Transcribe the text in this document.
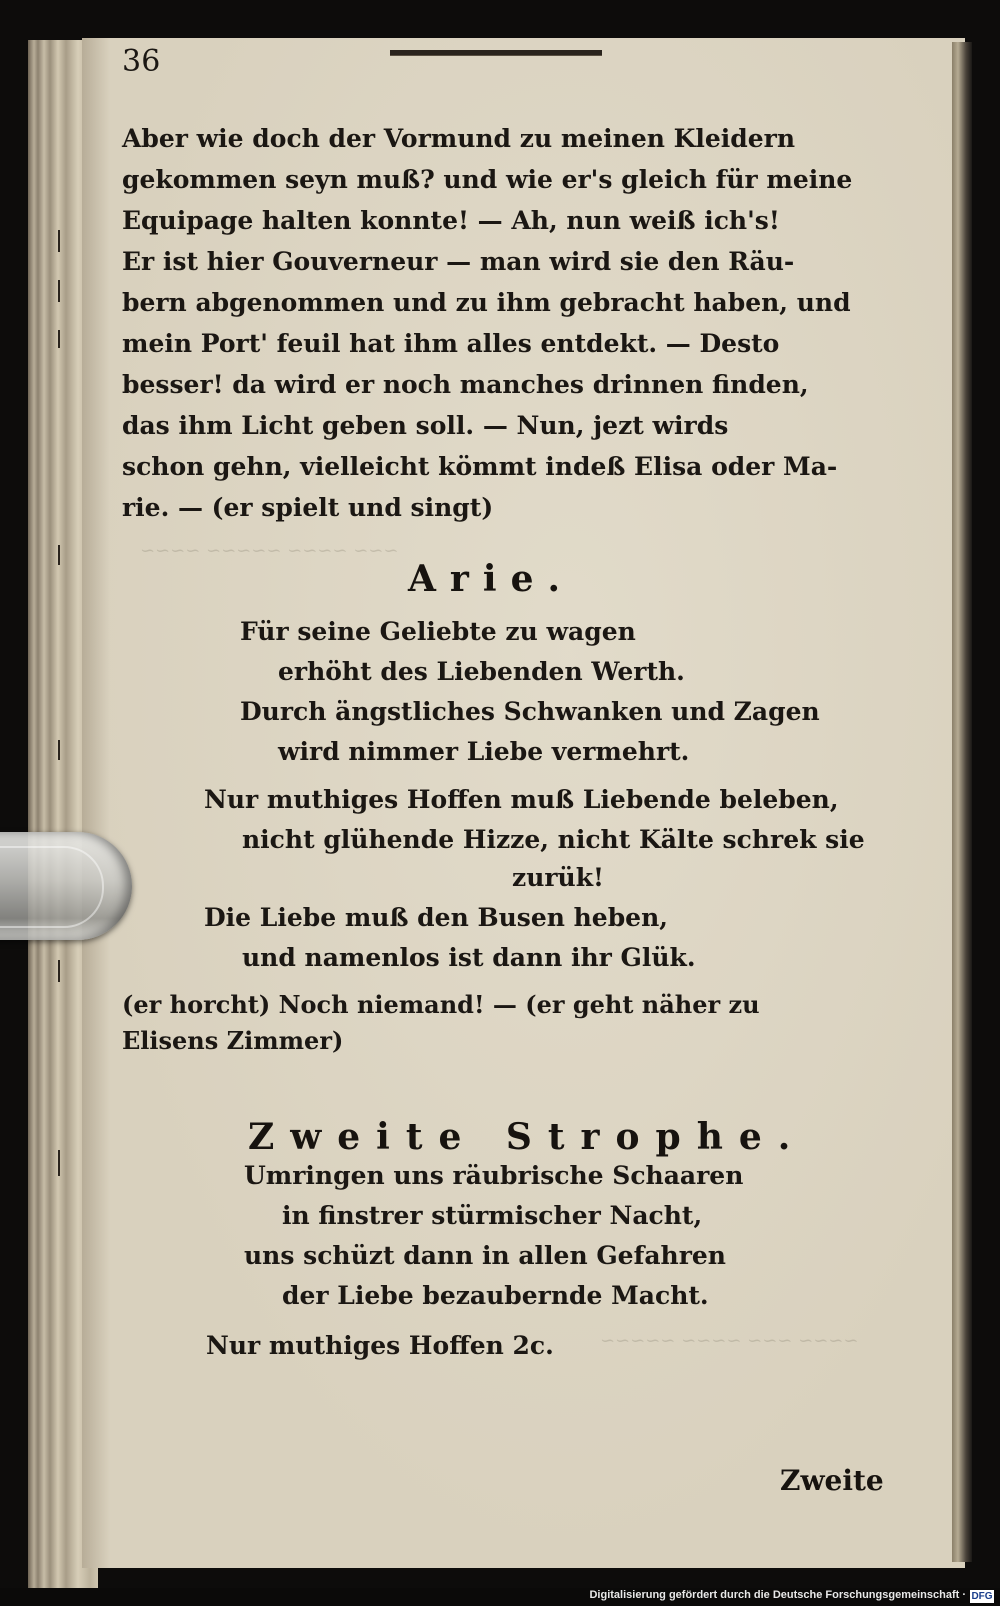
~~~ ~~~~ ~~~~~ ~~~~
~~~~ ~~~ ~~~~ ~~~~~
36
Aber wie doch der Vormund zu meinen Kleidern
gekommen seyn muß? und wie er's gleich für meine
Equipage halten konnte! — Ah, nun weiß ich's!
Er ist hier Gouverneur — man wird sie den Räu-
bern abgenommen und zu ihm gebracht haben, und
mein Port' feuil hat ihm alles entdekt. — Desto
besser! da wird er noch manches drinnen finden,
das ihm Licht geben soll. — Nun, jezt wirds
schon gehn, vielleicht kömmt indeß Elisa oder Ma-
rie. — (er spielt und singt)
Arie.
Für seine Geliebte zu wagen
erhöht des Liebenden Werth.
Durch ängstliches Schwanken und Zagen
wird nimmer Liebe vermehrt.
Nur muthiges Hoffen muß Liebende beleben,
nicht glühende Hizze, nicht Kälte schrek sie
zurük!
Die Liebe muß den Busen heben,
und namenlos ist dann ihr Glük.
(er horcht) Noch niemand! — (er geht näher zu
Elisens Zimmer)
Zweite Strophe.
Umringen uns räubrische Schaaren
in finstrer stürmischer Nacht,
uns schüzt dann in allen Gefahren
der Liebe bezaubernde Macht.
Nur muthiges Hoffen 2c.
Zweite
Digitalisierung gefördert durch die Deutsche Forschungsgemeinschaft · DFG
